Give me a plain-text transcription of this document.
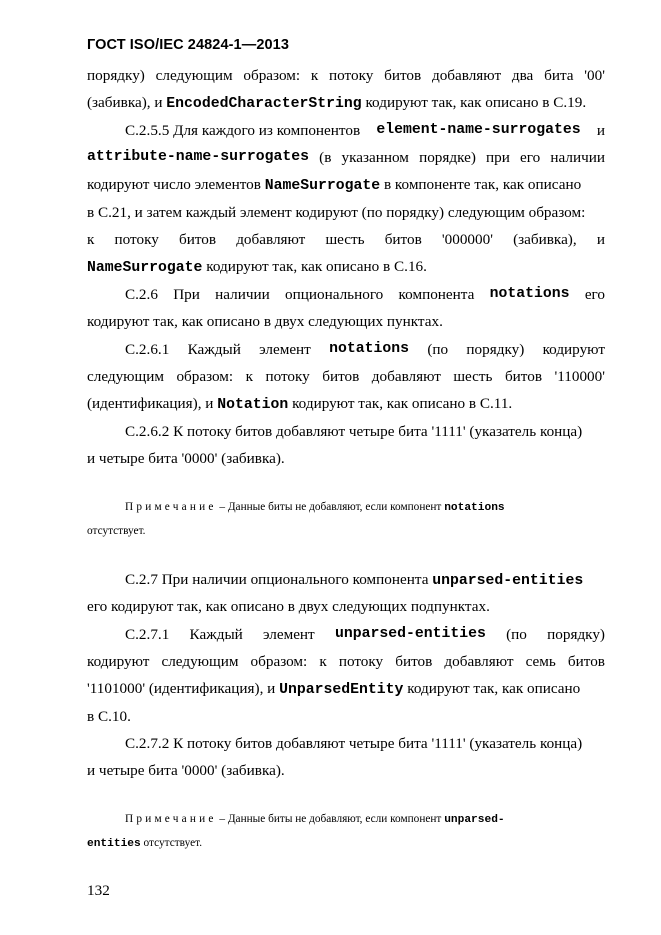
ГОСТ ISO/IEC 24824-1—2013
порядку) следующим образом: к потоку битов добавляют два бита '00'
(забивка), и EncodedCharacterString кодируют так, как описано в С.19.
С.2.5.5 Для каждого из компонентов element-name-surrogates и
attribute-name-surrogates (в указанном порядке) при его наличии
кодируют число элементов NameSurrogate в компоненте так, как описано
в С.21, и затем каждый элемент кодируют (по порядку) следующим образом:
к потоку битов добавляют шесть битов '000000' (забивка), и
NameSurrogate кодируют так, как описано в С.16.
С.2.6 При наличии опционального компонента notations его
кодируют так, как описано в двух следующих пунктах.
С.2.6.1 Каждый элемент notations (по порядку) кодируют
следующим образом: к потоку битов добавляют шесть битов '110000'
(идентификация), и Notation кодируют так, как описано в С.11.
С.2.6.2 К потоку битов добавляют четыре бита '1111' (указатель конца)
и четыре бита '0000' (забивка).
Примечание – Данные биты не добавляют, если компонент notations
отсутствует.
С.2.7 При наличии опционального компонента unparsed-entities
его кодируют так, как описано в двух следующих подпунктах.
С.2.7.1 Каждый элемент unparsed-entities (по порядку)
кодируют следующим образом: к потоку битов добавляют семь битов
'1101000' (идентификация), и UnparsedEntity кодируют так, как описано
в С.10.
С.2.7.2 К потоку битов добавляют четыре бита '1111' (указатель конца)
и четыре бита '0000' (забивка).
Примечание – Данные биты не добавляют, если компонент unparsed-
entities отсутствует.
132
